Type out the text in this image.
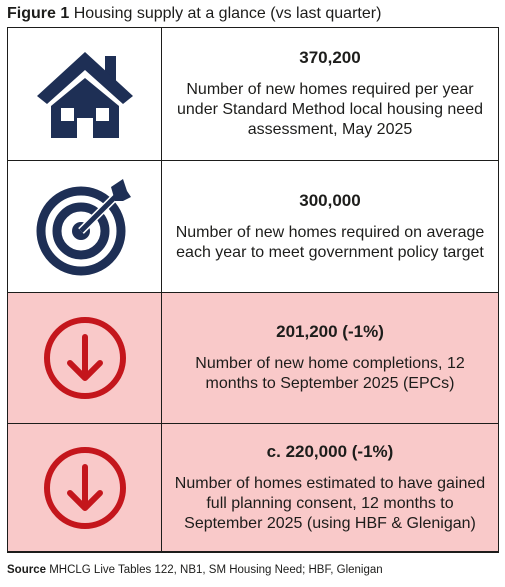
Figure 1 Housing supply at a glance (vs last quarter)
370,200
Number of new homes required per year under Standard Method local housing need assessment, May 2025
300,000
Number of new homes required on average each year to meet government policy target
201,200 (-1%)
Number of new home completions, 12 months to September 2025 (EPCs)
c. 220,000 (-1%)
Number of homes estimated to have gained full planning consent, 12 months to September 2025 (using HBF & Glenigan)
Source MHCLG Live Tables 122, NB1, SM Housing Need; HBF, Glenigan
